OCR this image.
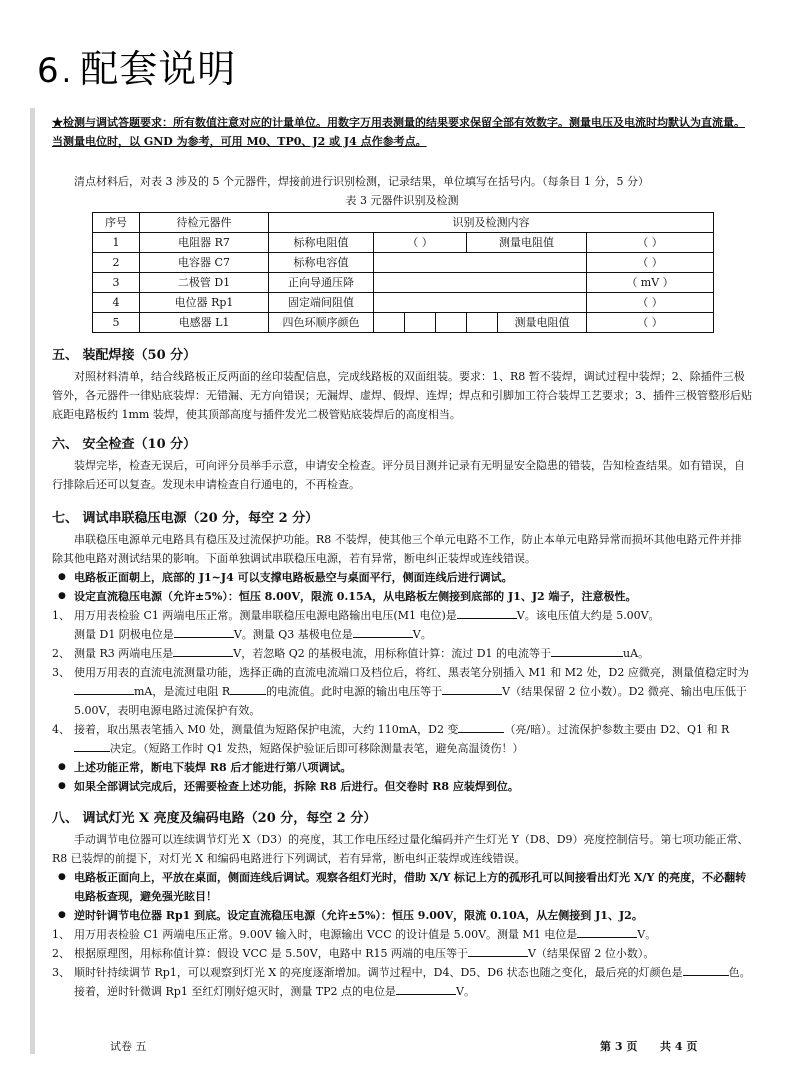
6. 配套说明

★检测与调试答题要求：所有数值注意对应的计量单位。用数字万用表测量的结果要求保留全部有效数字。测量电压及电流时均默认为直流量。当测量电位时，以 GND 为参考，可用 M0、TP0、J2 或 J4 点作参考点。

清点材料后，对表 3 涉及的 5 个元器件，焊接前进行识别检测，记录结果，单位填写在括号内。（每条目 1 分，5 分）

表 3 元器件识别及检测

序号	待检元器件	识别及检测内容						
1	电阻器 R7	标称电阻值	（ ）			测量电阻值		（ ）
2	电容器 C7	标称电容值						（ ）
3	二极管 D1	正向导通压降						（ mV ）
4	电位器 Rp1	固定端间阻值						（ ）
5	电感器 L1	四色环顺序颜色					测量电阻值	（ ）

五、 装配焊接（50 分）

对照材料清单，结合线路板正反两面的丝印装配信息，完成线路板的双面组装。要求：1、R8 暂不装焊，调试过程中装焊；2、除插件三极管外，各元器件一律贴底装焊：无错漏、无方向错误；无漏焊、虚焊、假焊、连焊；焊点和引脚加工符合装焊工艺要求；3、插件三极管整形后贴底距电路板约 1mm 装焊，使其顶部高度与插件发光二极管贴底装焊后的高度相当。

六、 安全检查（10 分）

装焊完毕，检查无误后，可向评分员举手示意，申请安全检查。评分员目测并记录有无明显安全隐患的错装，告知检查结果。如有错误，自行排除后还可以复查。发现未申请检查自行通电的，不再检查。

七、 调试串联稳压电源（20 分，每空 2 分）

串联稳压电源单元电路具有稳压及过流保护功能。R8 不装焊，使其他三个单元电路不工作，防止本单元电路异常而损坏其他电路元件并排除其他电路对测试结果的影响。下面单独调试串联稳压电源，若有异常，断电纠正装焊或连线错误。

● 电路板正面朝上，底部的 J1~J4 可以支撑电路板悬空与桌面平行，侧面连线后进行调试。

● 设定直流稳压电源（允许±5%）：恒压 8.00V，限流 0.15A，从电路板左侧接到底部的 J1、J2 端子，注意极性。

1、 用万用表检验 C1 两端电压正常。测量串联稳压电源电路输出电压(M1 电位)是	V。该电压值大约是 5.00V。
测量 D1 阴极电位是	V。测量 Q3 基极电位是	V。
2、 测量 R3 两端电压是	V，若忽略 Q2 的基极电流，用标称值计算：流过 D1 的电流等于	uA。
3、 使用万用表的直流电流测量功能，选择正确的直流电流端口及档位后，将红、黑表笔分别插入 M1 和 M2 处，D2 应微亮，测量值稳定时为mA，是流过电阻 R	的电流值。此时电源的输出电压等于	V（结果保留 2 位小数）。D2 微亮、输出电压低于 5.00V，表明电源电路过流保护有效。
4、 接着，取出黑表笔插入 M0 处，测量值为短路保护电流，大约 110mA，D2 变	（亮/暗）。过流保护参数主要由 D2、Q1 和 R决定。（短路工作时 Q1 发热，短路保护验证后即可移除测量表笔，避免高温烫伤！）

● 上述功能正常，断电下装焊 R8 后才能进行第八项调试。

● 如果全部调试完成后，还需要检查上述功能，拆除 R8 后进行。但交卷时 R8 应装焊到位。

八、 调试灯光 X 亮度及编码电路（20 分，每空 2 分）

手动调节电位器可以连续调节灯光 X（D3）的亮度，其工作电压经过量化编码并产生灯光 Y（D8、D9）亮度控制信号。第七项功能正常、R8 已装焊的前提下，对灯光 X 和编码电路进行下列调试，若有异常，断电纠正装焊或连线错误。

● 电路板正面向上，平放在桌面，侧面连线后调试。观察各组灯光时，借助 X/Y 标记上方的孤形孔可以间接看出灯光 X/Y 的亮度，不必翻转电路板查现，避免强光眩目！

● 逆时针调节电位器 Rp1 到底。设定直流稳压电源（允许±5%）：恒压 9.00V，限流 0.10A，从左侧接到 J1、J2。

1、 用万用表检验 C1 两端电压正常。9.00V 输入时，电源输出 VCC 的设计值是 5.00V。测量 M1 电位是	V。
2、 根据原理图，用标称值计算：假设 VCC 是 5.50V，电路中 R15 两端的电压等于	V（结果保留 2 位小数）。
3、 顺时针持续调节 Rp1，可以观察到灯光 X 的亮度逐渐增加。调节过程中，D4、D5、D6 状态也随之变化，最后亮的灯颜色是	色。接着，逆时针微调 Rp1 至红灯刚好熄灭时，测量 TP2 点的电位是	V。
试卷 五	第 3 页 共 4 页
